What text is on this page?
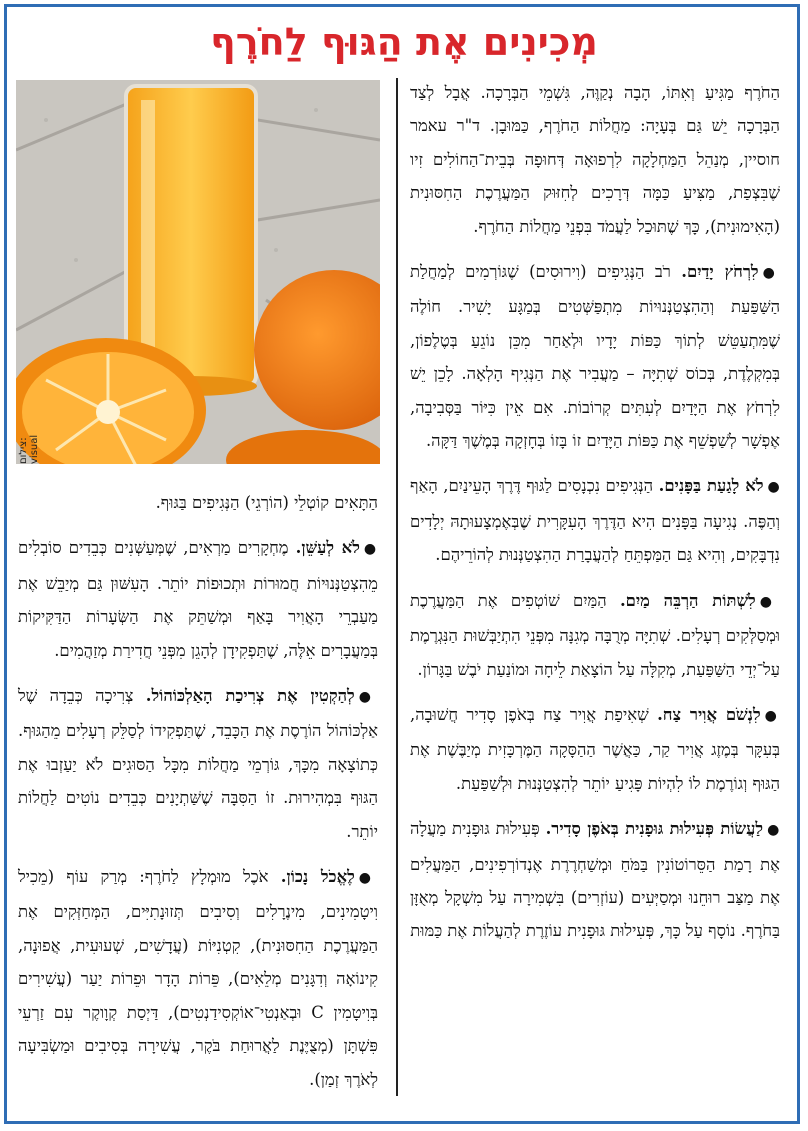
מְכִינִים אֶת הַגּוּף לַחֹרֶף
צילום: visual

הַחֹרֶף מַגִּיעַ וְאִתּוֹ, הָבָה נְקַוֶּה, גִּשְׁמֵי הַבְּרָכָה. אֲבָל לְצַד הַבְּרָכָה יֵשׁ גַּם בְּעָיָה: מַחֲלוֹת הַחֹרֶף, כַּמּוּבָן. ד"ר עאמר חוסיין, מְנַהֵל הַמַּחְלָקָה לִרְפוּאָה דְּחוּפָה בְּבֵית־הַחוֹלִים זִיו שֶׁבִּצְפַת, מַצִּיעַ כַּמָּה דְּרָכִים לְחִזּוּק הַמַּעֲרֶכֶת הַחִסּוּנִית (הָאִימוּנִית), כָּךְ שֶׁתּוּכַל לַעֲמֹד בִּפְנֵי מַחֲלוֹת הַחֹרֶף.

●לִרְחֹץ יָדַיִם. רֹב הַנְּגִיפִים (וִירוּסִים) שֶׁגּוֹרְמִים לְמַחֲלַת הַשַּׁפַּעַת וְהַהִצְטַנְּנוּיוֹת מִתְפַּשְּׁטִים בְּמַגָּע יָשִׁיר. חוֹלֶה שֶׁמִּתְעַטֵּשׁ לְתוֹךְ כַּפּוֹת יָדָיו וּלְאַחַר מִכֵּן נוֹגֵעַ בְּטֶלֶפוֹן, בְּמִקְלֶדֶת, בְּכוֹס שְׁתִיָּה – מַעֲבִיר אֶת הַנְּגִיף הָלְאָה. לָכֵן יֵשׁ לִרְחֹץ אֶת הַיָּדַיִם לְעִתִּים קְרוֹבוֹת. אִם אֵין כִּיּוֹר בַּסְּבִיבָה, אֶפְשָׁר לְשַׁפְשֵׁף אֶת כַּפּוֹת הַיָּדַיִם זוֹ בָּזוֹ בְּחָזְקָה בְּמֶשֶׁךְ דַּקָּה.

●לֹא לָגַעַת בַּפָּנִים. הַנְּגִיפִים נִכְנָסִים לַגּוּף דֶּרֶךְ הָעֵינַיִם, הָאַף וְהַפֶּה. נְגִיעָה בַּפָּנִים הִיא הַדֶּרֶךְ הָעִקָּרִית שֶׁבְּאֶמְצָעוּתָהּ יְלָדִים נִדְבָּקִים, וְהִיא גַּם הַמַּפְתֵּחַ לְהַעֲבָרַת הַהִצְטַנְּנוּת לְהוֹרֵיהֶם.

●לִשְׁתּוֹת הַרְבֵּה מַיִם. הַמַּיִם שׁוֹטְפִים אֶת הַמַּעֲרֶכֶת וּמְסַלְּקִים רְעָלִים. שְׁתִיָּה מְרֻבָּה מְגִנָּה מִפְּנֵי הִתְיַבְּשׁוּת הַנִּגְרֶמֶת עַל־יְדֵי הַשַּׁפַּעַת, מְקִלָּה עַל הוֹצָאַת לֵיחָה וּמוֹנַעַת יֹבֶשׁ בַּגָּרוֹן.

●לִנְשֹׁם אֲוִיר צַח. שְׁאִיפַת אֲוִיר צַח בְּאֹפֶן סָדִיר חֲשׁוּבָה, בְּעִקָּר בְּמֶזֶג אֲוִיר קַר, כַּאֲשֶׁר הַהַסָּקָה הַמֶּרְכָּזִית מְיַבֶּשֶׁת אֶת הַגּוּף וְגוֹרֶמֶת לוֹ לִהְיוֹת פָּגִיעַ יוֹתֵר לְהִצְטַנְּנוּת וּלְשַׁפַּעַת.

●לַעֲשׂוֹת פְּעִילוּת גּוּפָנִית בְּאֹפֶן סָדִיר. פְּעִילוּת גּוּפָנִית מַעֲלָה אֶת רָמַת הַסֵּרוֹטוֹנִין בַּמֹּחַ וּמְשַׁחְרֶרֶת אֶנְדוֹרְפִינִים, הַמַּעֲלִים אֶת מַצַּב רוּחֵנוּ וּמְסַיְּעִים (עוֹזְרִים) בִּשְׁמִירָה עַל מִשְׁקָל מְאֻזָּן בַּחֹרֶף. נוֹסָף עַל כָּךְ, פְּעִילוּת גּוּפָנִית עוֹזֶרֶת לְהַעֲלוֹת אֶת כַּמּוּת

הַתָּאִים קוֹטְלֵי (הוֹרְגֵי) הַנְּגִיפִים בַּגּוּף.

●לֹא לְעַשֵּׁן. מֶחְקָרִים מַרְאִים, שֶׁמְּעַשְּׁנִים כְּבֵדִים סוֹבְלִים מֵהִצְטַנְּנוּיוֹת חֲמוּרוֹת וּתְכוּפוֹת יוֹתֵר. הָעִשּׁוּן גַּם מְיַבֵּשׁ אֶת מַעַבְרֵי הָאֲוִיר בָּאַף וּמְשַׁתֵּק אֶת הַשְּׂעָרוֹת הַדַּקִּיקוֹת בְּמַעֲבָרִים אֵלֶּה, שֶׁתַּפְקִידָן לְהָגֵן מִפְּנֵי חֲדִירַת מְזַהֲמִים.

●לְהַקְטִין אֶת צְרִיכַת הָאַלְכּוֹהוֹל. צְרִיכָה כְּבֵדָה שֶׁל אַלְכּוֹהוֹל הוֹרֶסֶת אֶת הַכָּבֵד, שֶׁתַּפְקִידוֹ לְסַלֵּק רְעָלִים מֵהַגּוּף. כְּתוֹצָאָה מִכָּךְ, גּוֹרְמֵי מַחֲלוֹת מִכָּל הַסּוּגִים לֹא יַעַזְבוּ אֶת הַגּוּף בִּמְהִירוּת. זוֹ הַסִּבָּה שֶׁשַּׁתְיָנִים כְּבֵדִים נוֹטִים לַחֲלוֹת יוֹתֵר.

●לֶאֱכֹל נָכוֹן. אֹכֶל מוּמְלָץ לַחֹרֶף: מְרַק עוֹף (מֵכִיל וִיטָמִינִים, מִינֶרָלִים וְסִיבִים תְּזוּנָתִיִּים, הַמְּחַזְּקִים אֶת הַמַּעֲרֶכֶת הַחִסּוּנִית), קִטְנִיּוֹת (עֲדָשִׁים, שְׁעוּעִית, אֲפוּנָה, קִינוֹאָה וְדִגָּנִים מְלֵאִים), פֵּרוֹת הָדָר וּפֵרוֹת יַעַר (עֲשִׁירִים בְּוִיטָמִין C וּבְאַנְטִי־אוֹקְסִידַנְטִים), דַּיְסַת קְוָוקֶר עִם זַרְעֵי פִּשְׁתָּן (מְצֻיֶּנֶת לַאֲרוּחַת בֹּקֶר, עֲשִׁירָה בְּסִיבִים וּמַשְׂבִּיעָה לְאֹרֶךְ זְמַן).
